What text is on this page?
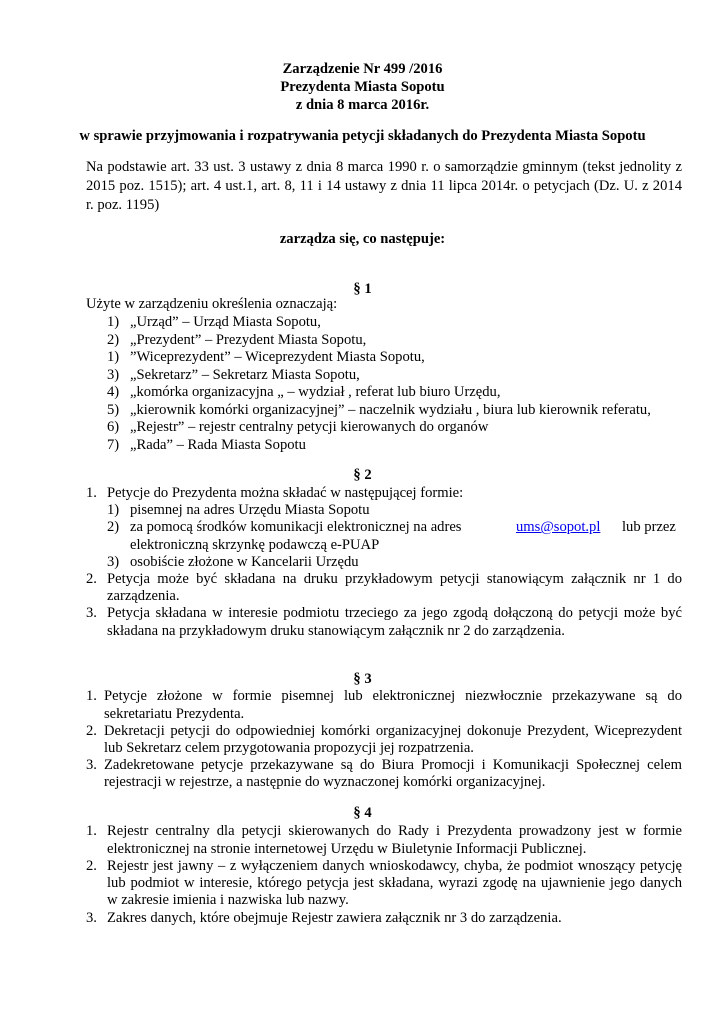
Zarządzenie Nr 499 /2016
Prezydenta Miasta Sopotu
z dnia 8 marca 2016r.
w sprawie przyjmowania i rozpatrywania petycji składanych do Prezydenta Miasta Sopotu
Na podstawie art. 33 ust. 3 ustawy z dnia 8 marca 1990 r. o samorządzie gminnym (tekst jednolity z
2015 poz. 1515); art. 4 ust.1, art. 8, 11 i 14 ustawy z dnia 11 lipca 2014r. o petycjach (Dz. U. z 2014
r. poz. 1195)
zarządza się, co następuje:
§ 1
Użyte w zarządzeniu określenia oznaczają:
1) „Urząd” – Urząd Miasta Sopotu,
2) „Prezydent” – Prezydent Miasta Sopotu,
1) ”Wiceprezydent” – Wiceprezydent Miasta Sopotu,
3) „Sekretarz” – Sekretarz Miasta Sopotu,
4) „komórka organizacyjna „ – wydział , referat lub biuro Urzędu,
5) „kierownik komórki organizacyjnej” – naczelnik wydziału , biura lub kierownik referatu,
6) „Rejestr” – rejestr centralny petycji kierowanych do organów
7) „Rada” – Rada Miasta Sopotu
§ 2
1. Petycje do Prezydenta można składać w następującej formie:
1) pisemnej na adres Urzędu Miasta Sopotu
2) za pomocą środków komunikacji elektronicznej na adres	ums@sopot.pl lub przez
elektroniczną skrzynkę podawczą e-PUAP
3) osobiście złożone w Kancelarii Urzędu
2. Petycja może być składana na druku przykładowym petycji stanowiącym załącznik nr 1 do
zarządzenia.
3. Petycja składana w interesie podmiotu trzeciego za jego zgodą dołączoną do petycji może być
składana na przykładowym druku stanowiącym załącznik nr 2 do zarządzenia.
§ 3
1. Petycje złożone w formie pisemnej lub elektronicznej niezwłocznie przekazywane są do
sekretariatu Prezydenta.
2. Dekretacji petycji do odpowiedniej komórki organizacyjnej dokonuje Prezydent, Wiceprezydent
lub Sekretarz celem przygotowania propozycji jej rozpatrzenia.
3. Zadekretowane petycje przekazywane są do Biura Promocji i Komunikacji Społecznej celem
rejestracji w rejestrze, a następnie do wyznaczonej komórki organizacyjnej.
§ 4
1. Rejestr centralny dla petycji skierowanych do Rady i Prezydenta prowadzony jest w formie
elektronicznej na stronie internetowej Urzędu w Biuletynie Informacji Publicznej.
2. Rejestr jest jawny – z wyłączeniem danych wnioskodawcy, chyba, że podmiot wnoszący petycję
lub podmiot w interesie, którego petycja jest składana, wyrazi zgodę na ujawnienie jego danych
w zakresie imienia i nazwiska lub nazwy.
3. Zakres danych, które obejmuje Rejestr zawiera załącznik nr 3 do zarządzenia.
